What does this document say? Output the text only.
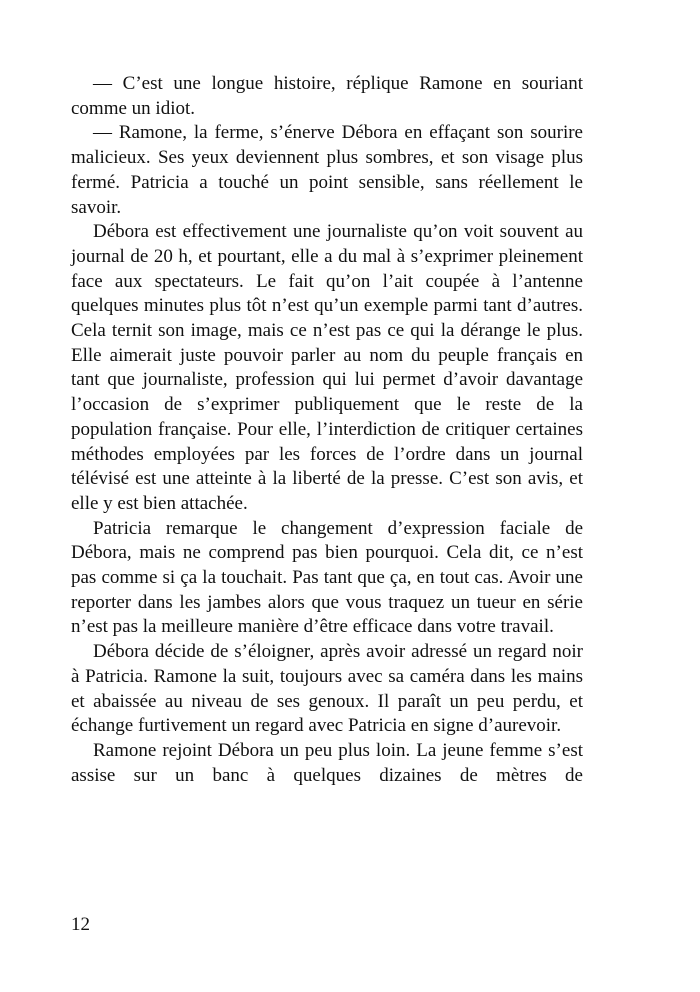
— C’est une longue histoire, réplique Ramone en souriant comme un idiot.

— Ramone, la ferme, s’énerve Débora en effaçant son sourire malicieux. Ses yeux deviennent plus sombres, et son visage plus fermé. Patricia a touché un point sensible, sans réellement le savoir.

Débora est effectivement une journaliste qu’on voit souvent au journal de 20 h, et pourtant, elle a du mal à s’exprimer pleinement face aux spectateurs. Le fait qu’on l’ait coupée à l’antenne quelques minutes plus tôt n’est qu’un exemple parmi tant d’autres. Cela ternit son image, mais ce n’est pas ce qui la dérange le plus. Elle aimerait juste pouvoir parler au nom du peuple français en tant que journaliste, profession qui lui permet d’avoir davantage l’occasion de s’exprimer publiquement que le reste de la population française. Pour elle, l’interdiction de critiquer certaines méthodes employées par les forces de l’ordre dans un journal télévisé est une atteinte à la liberté de la presse. C’est son avis, et elle y est bien attachée.

Patricia remarque le changement d’expression faciale de Débora, mais ne comprend pas bien pourquoi. Cela dit, ce n’est pas comme si ça la touchait. Pas tant que ça, en tout cas. Avoir une reporter dans les jambes alors que vous traquez un tueur en série n’est pas la meilleure manière d’être efficace dans votre travail.

Débora décide de s’éloigner, après avoir adressé un regard noir à Patricia. Ramone la suit, toujours avec sa caméra dans les mains et abaissée au niveau de ses genoux. Il paraît un peu perdu, et échange furtivement un regard avec Patricia en signe d’aurevoir.

Ramone rejoint Débora un peu plus loin. La jeune femme s’est assise sur un banc à quelques dizaines de mètres de

12
